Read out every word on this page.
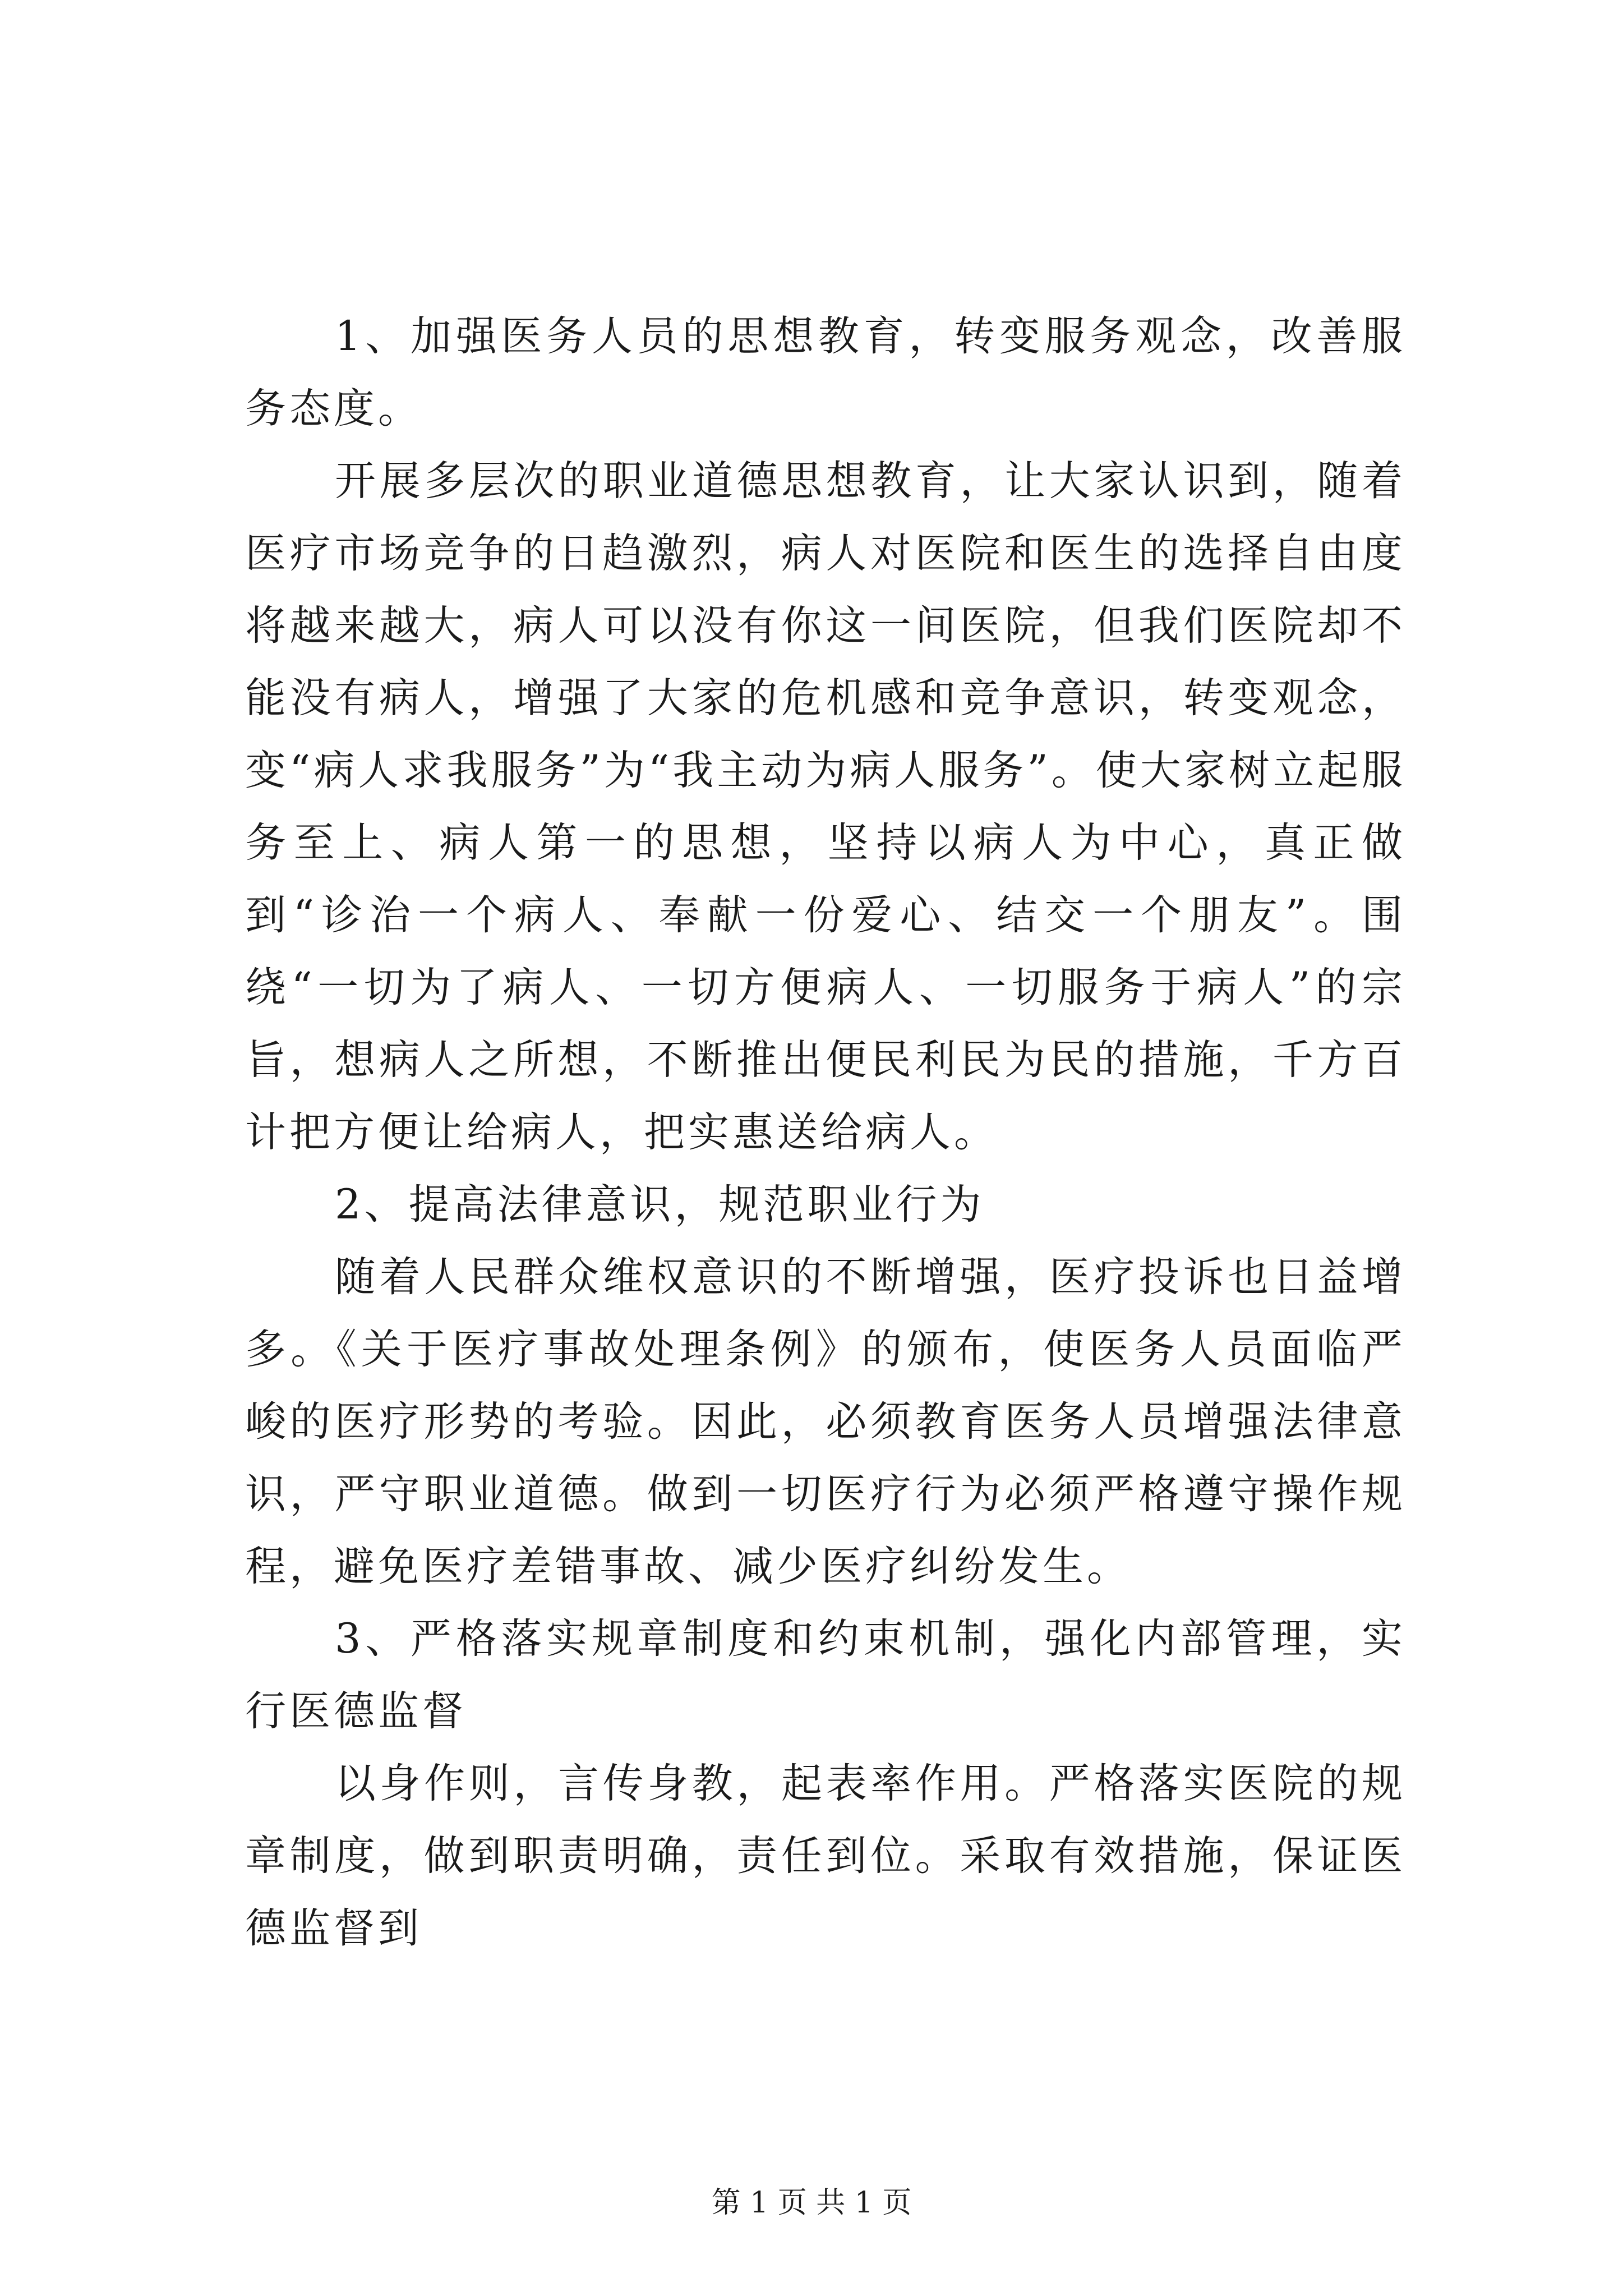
1、加强医务人员的思想教育，转变服务观念，改善服务态度。

开展多层次的职业道德思想教育，让大家认识到，随着医疗市场竞争的日趋激烈，病人对医院和医生的选择自由度将越来越大，病人可以没有你这一间医院，但我们医院却不能没有病人，增强了大家的危机感和竞争意识，转变观念，变“病人求我服务”为“我主动为病人服务”。使大家树立起服务至上、病人第一的思想，坚持以病人为中心，真正做到“诊治一个病人、奉献一份爱心、结交一个朋友”。围绕“一切为了病人、一切方便病人、一切服务于病人”的宗旨，想病人之所想，不断推出便民利民为民的措施，千方百计把方便让给病人，把实惠送给病人。

2、提高法律意识，规范职业行为

随着人民群众维权意识的不断增强，医疗投诉也日益增多。《关于医疗事故处理条例》的颁布，使医务人员面临严峻的医疗形势的考验。因此，必须教育医务人员增强法律意识，严守职业道德。做到一切医疗行为必须严格遵守操作规程，避免医疗差错事故、减少医疗纠纷发生。

3、严格落实规章制度和约束机制，强化内部管理，实行医德监督

以身作则，言传身教，起表率作用。严格落实医院的规章制度，做到职责明确，责任到位。采取有效措施，保证医德监督到

第 1 页 共 1 页
